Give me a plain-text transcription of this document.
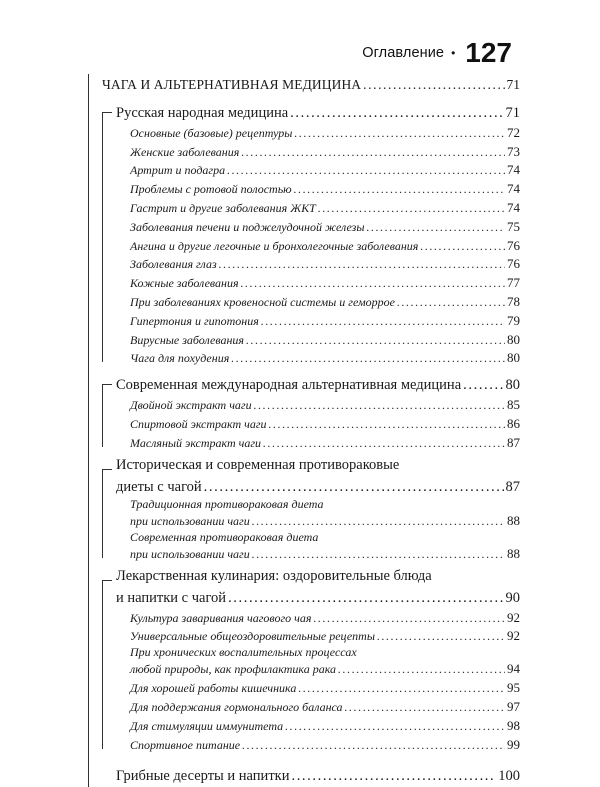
Оглавление • 127
ЧАГА И АЛЬТЕРНАТИВНАЯ МЕДИЦИНА .....	71
Русская народная медицина .....	71
Основные (базовые) рецептуры .....	72
Женские заболевания .....	73
Артрит и подагра .....	74
Проблемы с ротовой полостью .....	74
Гастрит и другие заболевания ЖКТ .....	74
Заболевания печени и поджелудочной железы .....	75
Ангина и другие легочные и бронхолегочные заболевания .....	76
Заболевания глаз .....	76
Кожные заболевания .....	77
При заболеваниях кровеносной системы и геморрое .....	78
Гипертония и гипотония .....	79
Вирусные заболевания .....	80
Чага для похудения .....	80
Современная международная альтернативная медицина .....	80
Двойной экстракт чаги .....	85
Спиртовой экстракт чаги .....	86
Масляный экстракт чаги .....	87
Историческая и современная противораковые
диеты с чагой .....	87
Традиционная противораковая диета
при использовании чаги .....	88
Современная противораковая диета
при использовании чаги .....	88
Лекарственная кулинария: оздоровительные блюда
и напитки с чагой .....	90
Культура заваривания чагового чая .....	92
Универсальные общеоздоровительные рецепты .....	92
При хронических воспалительных процессах
любой природы, как профилактика рака .....	94
Для хорошей работы кишечника .....	95
Для поддержания гормонального баланса .....	97
Для стимуляции иммунитета .....	98
Спортивное питание .....	99
Грибные десерты и напитки .....	100
